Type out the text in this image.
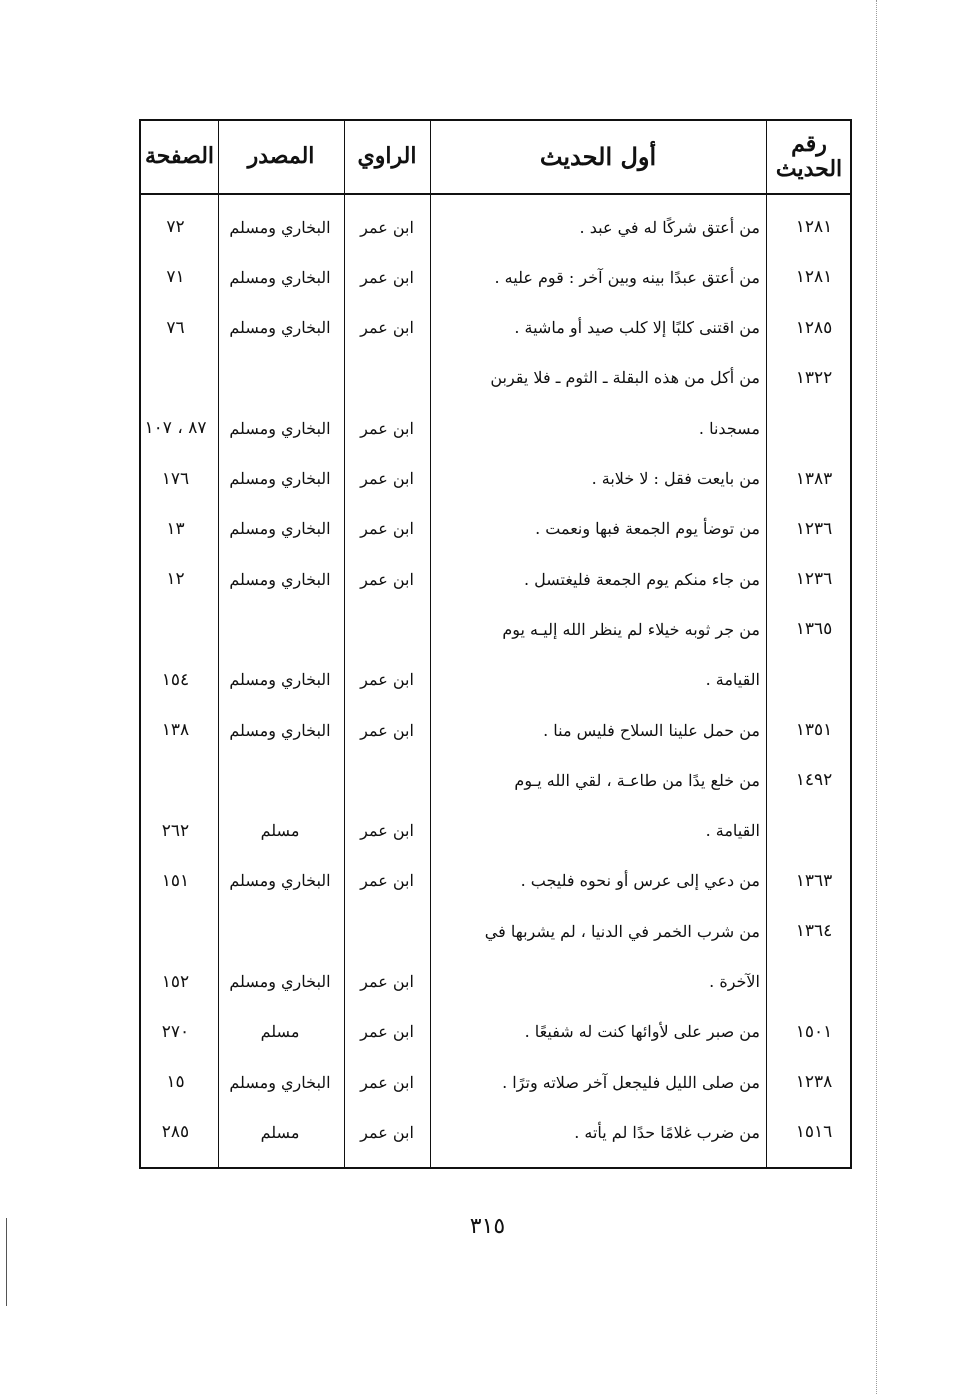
رقم الحديث
أول الحديث
الراوي
المصدر
الصفحة
١٢٨١
من أعتق شركًا له في عبد .
ابن عمر
البخاري ومسلم
٧٢
١٢٨١
من أعتق عبدًا بينه وبين آخر : قوم عليه .
ابن عمر
البخاري ومسلم
٧١
١٢٨٥
من اقتنى كلبًا إلا كلب صيد أو ماشية .
ابن عمر
البخاري ومسلم
٧٦
١٣٢٢
من أكل من هذه البقلة ـ الثوم ـ فلا يقربن
مسجدنا .
ابن عمر
البخاري ومسلم
٨٧ ، ١٠٧
١٣٨٣
من بايعت فقل : لا خلابة .
ابن عمر
البخاري ومسلم
١٧٦
١٢٣٦
من توضأ يوم الجمعة فبها ونعمت .
ابن عمر
البخاري ومسلم
١٣
١٢٣٦
من جاء منكم يوم الجمعة فليغتسل .
ابن عمر
البخاري ومسلم
١٢
١٣٦٥
من جر ثوبه خيلاء لم ينظر الله إليـه يوم
القيامة .
ابن عمر
البخاري ومسلم
١٥٤
١٣٥١
من حمل علينا السلاح فليس منا .
ابن عمر
البخاري ومسلم
١٣٨
١٤٩٢
من خلع يدًا من طاعـة ، لقي الله يـوم
القيامة .
ابن عمر
مسلم
٢٦٢
١٣٦٣
من دعي إلى عرس أو نحوه فليجب .
ابن عمر
البخاري ومسلم
١٥١
١٣٦٤
من شرب الخمر في الدنيا ، لم يشربها في
الآخرة .
ابن عمر
البخاري ومسلم
١٥٢
١٥٠١
من صبر على لأوائها كنت له شفيعًا .
ابن عمر
مسلم
٢٧٠
١٢٣٨
من صلى الليل فليجعل آخر صلاته وترًا .
ابن عمر
البخاري ومسلم
١٥
١٥١٦
من ضرب غلامًا حدًا لم يأته .
ابن عمر
مسلم
٢٨٥
٣١٥
